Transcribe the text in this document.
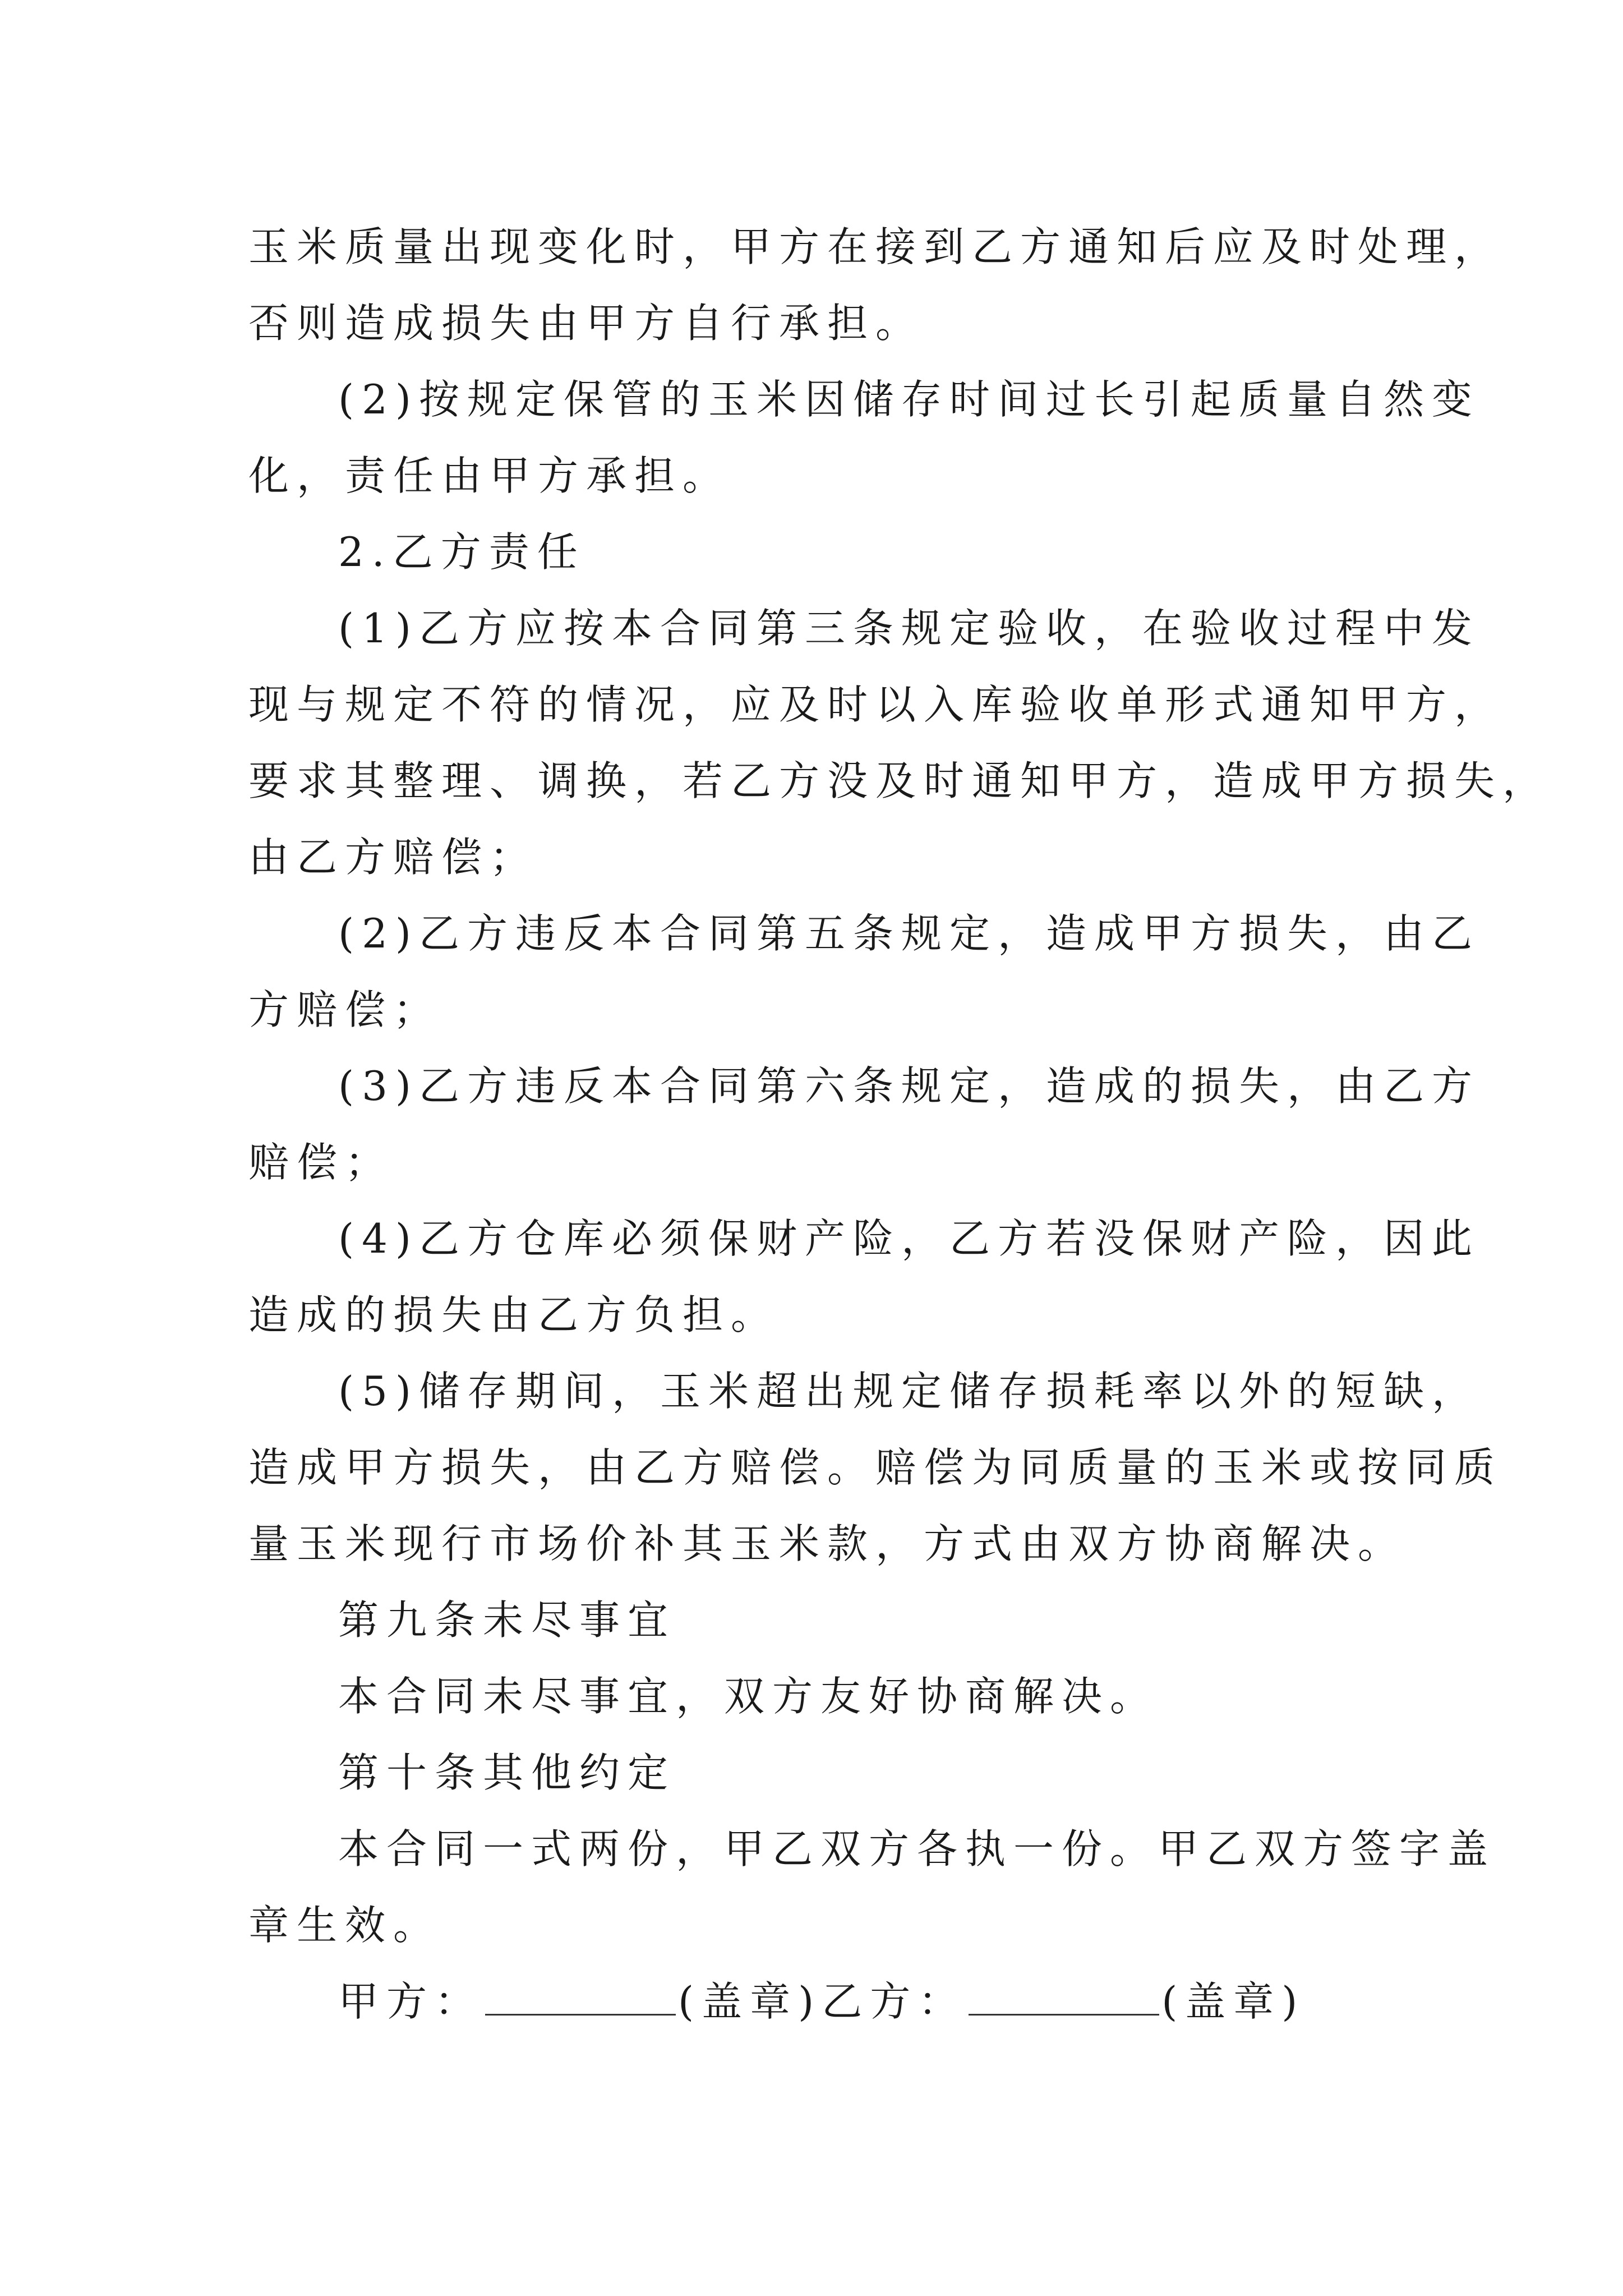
玉米质量出现变化时，甲方在接到乙方通知后应及时处理，

否则造成损失由甲方自行承担。

(2)按规定保管的玉米因储存时间过长引起质量自然变

化，责任由甲方承担。

2.乙方责任

(1)乙方应按本合同第三条规定验收，在验收过程中发

现与规定不符的情况，应及时以入库验收单形式通知甲方，

要求其整理、调换，若乙方没及时通知甲方，造成甲方损失，

由乙方赔偿；

(2)乙方违反本合同第五条规定，造成甲方损失，由乙

方赔偿；

(3)乙方违反本合同第六条规定，造成的损失，由乙方

赔偿；

(4)乙方仓库必须保财产险，乙方若没保财产险，因此

造成的损失由乙方负担。

(5)储存期间，玉米超出规定储存损耗率以外的短缺，

造成甲方损失，由乙方赔偿。赔偿为同质量的玉米或按同质

量玉米现行市场价补其玉米款，方式由双方协商解决。

第九条未尽事宜

本合同未尽事宜，双方友好协商解决。

第十条其他约定

本合同一式两份，甲乙双方各执一份。甲乙双方签字盖

章生效。

甲方：	(盖章)乙方：	(盖章)
